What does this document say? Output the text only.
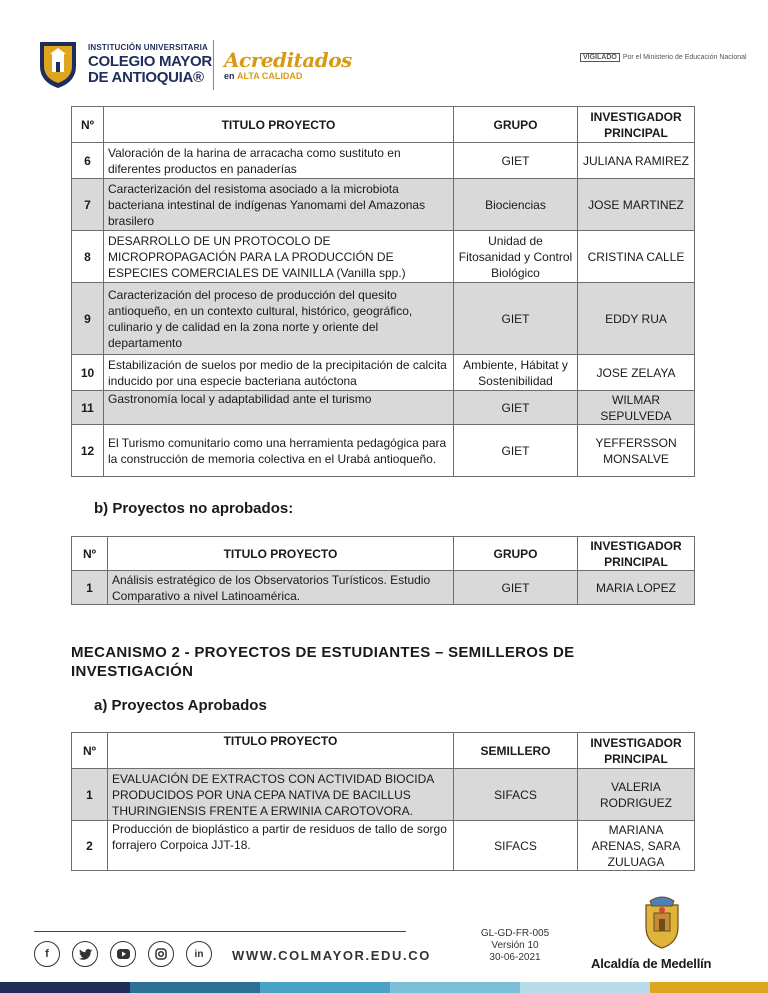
INSTITUCIÓN UNIVERSITARIA
COLEGIO MAYOR
DE ANTIOQUIA®
Acreditados
en ALTA CALIDAD
VIGILADO Por el Ministerio de Educación Nacional
Nº	TITULO PROYECTO	GRUPO	INVESTIGADOR PRINCIPAL
6	Valoración de la harina de arracacha como sustituto en diferentes productos en panaderías	GIET	JULIANA RAMIREZ
7	Caracterización del resistoma asociado a la microbiota bacteriana intestinal de indígenas Yanomami del Amazonas brasilero	Biociencias	JOSE MARTINEZ
8	DESARROLLO DE UN PROTOCOLO DE MICROPROPAGACIÓN PARA LA PRODUCCIÓN DE ESPECIES COMERCIALES DE VAINILLA (Vanilla spp.)	Unidad de Fitosanidad y Control Biológico	CRISTINA CALLE
9	Caracterización del proceso de producción del quesito antioqueño, en un contexto cultural, histórico, geográfico, culinario y de calidad en la zona norte y oriente del departamento	GIET	EDDY RUA
10	Estabilización de suelos por medio de la precipitación de calcita inducido por una especie bacteriana autóctona	Ambiente, Hábitat y Sostenibilidad	JOSE ZELAYA
11	Gastronomía local y adaptabilidad ante el turismo	GIET	WILMAR SEPULVEDA
12	El Turismo comunitario como una herramienta pedagógica para la construcción de memoria colectiva en el Urabá antioqueño.	GIET	YEFFERSSON MONSALVE
b) Proyectos no aprobados:
Nº	TITULO PROYECTO	GRUPO	INVESTIGADOR PRINCIPAL
1	Análisis estratégico de los Observatorios Turísticos. Estudio Comparativo a nivel Latinoamérica.	GIET	MARIA LOPEZ
MECANISMO 2 - PROYECTOS DE ESTUDIANTES – SEMILLEROS DE INVESTIGACIÓN
a) Proyectos Aprobados
Nº	TITULO PROYECTO	SEMILLERO	INVESTIGADOR PRINCIPAL
1	EVALUACIÓN DE EXTRACTOS CON ACTIVIDAD BIOCIDA PRODUCIDOS POR UNA CEPA NATIVA DE BACILLUS THURINGIENSIS FRENTE A ERWINIA CAROTOVORA.	SIFACS	VALERIA RODRIGUEZ
2	Producción de bioplástico a partir de residuos de tallo de sorgo forrajero Corpoica JJT-18.	SIFACS	MARIANA ARENAS, SARA ZULUAGA
f	in	WWW.COLMAYOR.EDU.CO
GL-GD-FR-005
Versión 10
30-06-2021	Alcaldía de Medellín
